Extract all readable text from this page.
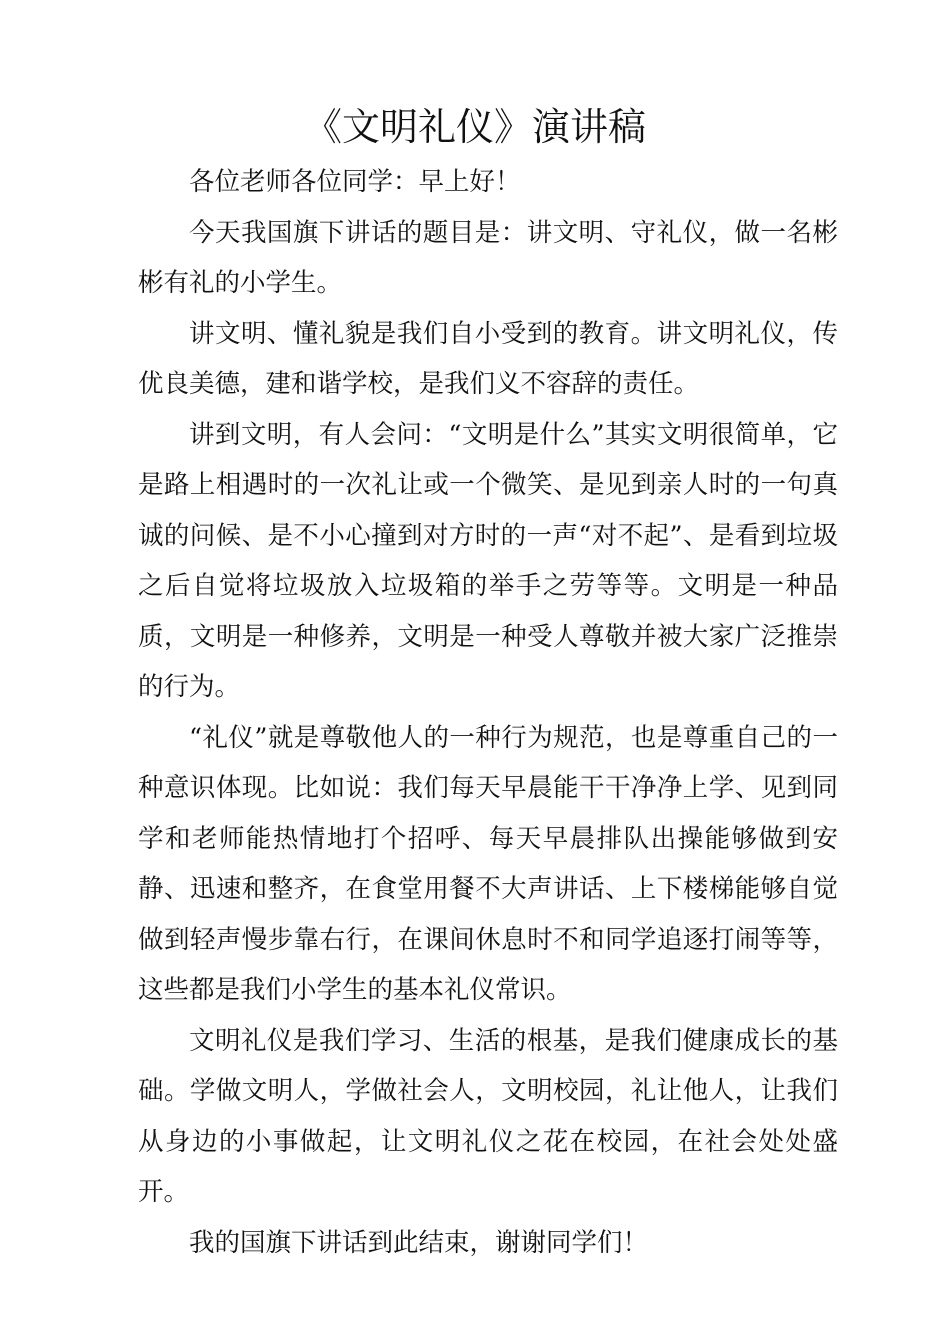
《文明礼仪》演讲稿

各位老师各位同学：早上好！

今天我国旗下讲话的题目是：讲文明、守礼仪，做一名彬彬有礼的小学生。

讲文明、懂礼貌是我们自小受到的教育。讲文明礼仪，传优良美德，建和谐学校，是我们义不容辞的责任。

讲到文明，有人会问：“文明是什么”其实文明很简单，它是路上相遇时的一次礼让或一个微笑、是见到亲人时的一句真诚的问候、是不小心撞到对方时的一声“对不起”、是看到垃圾之后自觉将垃圾放入垃圾箱的举手之劳等等。文明是一种品质，文明是一种修养，文明是一种受人尊敬并被大家广泛推崇的行为。

“礼仪”就是尊敬他人的一种行为规范，也是尊重自己的一种意识体现。比如说：我们每天早晨能干干净净上学、见到同学和老师能热情地打个招呼、每天早晨排队出操能够做到安静、迅速和整齐，在食堂用餐不大声讲话、上下楼梯能够自觉做到轻声慢步靠右行，在课间休息时不和同学追逐打闹等等，这些都是我们小学生的基本礼仪常识。

文明礼仪是我们学习、生活的根基，是我们健康成长的基础。学做文明人，学做社会人，文明校园，礼让他人，让我们从身边的小事做起，让文明礼仪之花在校园，在社会处处盛开。

我的国旗下讲话到此结束，谢谢同学们！
